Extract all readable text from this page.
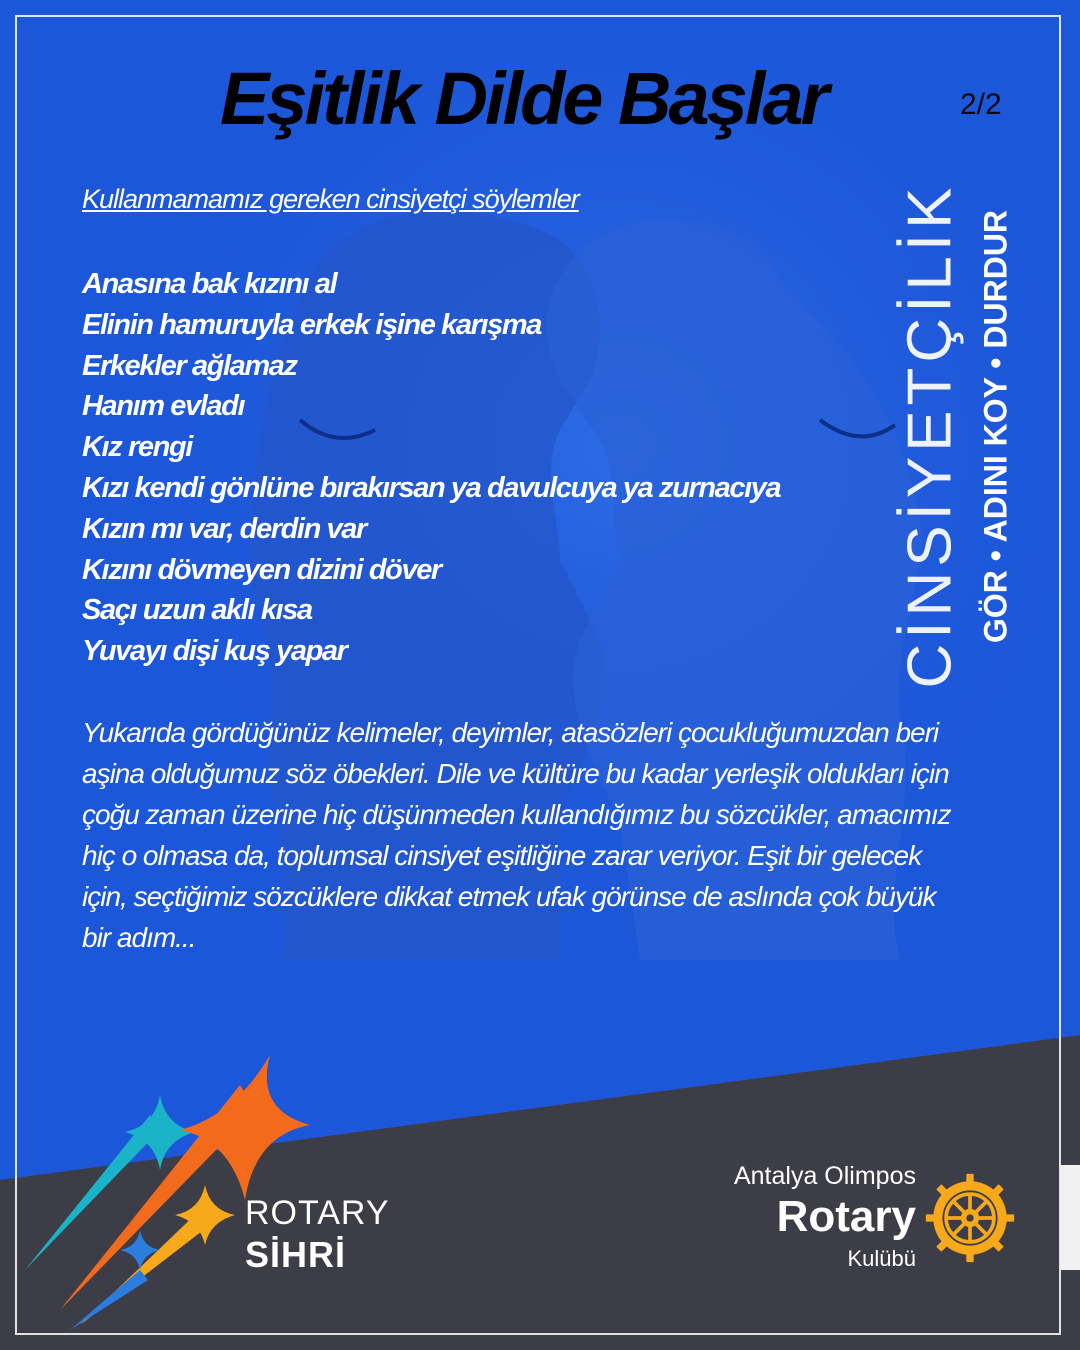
Eşitlik Dilde Başlar	2/2
Kullanmamamız gereken cinsiyetçi söylemler
Anasına bak kızını al
Elinin hamuruyla erkek işine karışma
Erkekler ağlamaz
Hanım evladı
Kız rengi
Kızı kendi gönlüne bırakırsan ya davulcuya ya zurnacıya
Kızın mı var, derdin var
Kızını dövmeyen dizini döver
Saçı uzun aklı kısa
Yuvayı dişi kuş yapar

Yukarıda gördüğünüz kelimeler, deyimler, atasözleri çocukluğumuzdan beri aşina olduğumuz söz öbekleri. Dile ve kültüre bu kadar yerleşik oldukları için çoğu zaman üzerine hiç düşünmeden kullandığımız bu sözcükler, amacımız hiç o olmasa da, toplumsal cinsiyet eşitliğine zarar veriyor. Eşit bir gelecek için, seçtiğimiz sözcüklere dikkat etmek ufak görünse de aslında çok büyük bir adım...

CİNSİYETÇİLİK GÖR • ADINI KOY • DURDUR
ROTARY
SİHRİ
Antalya Olimpos
Rotary
Kulübü
